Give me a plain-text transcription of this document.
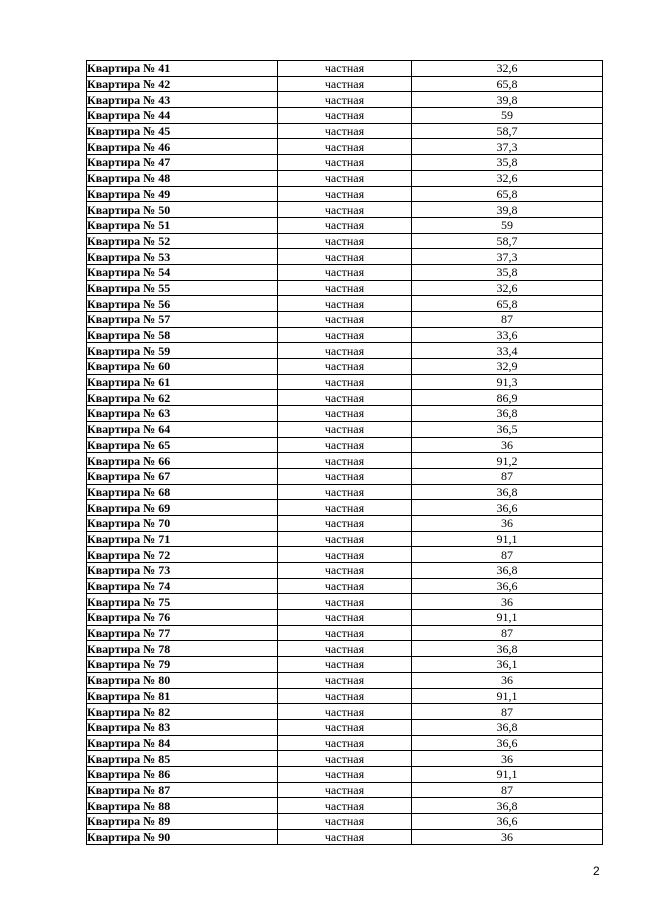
Квартира № 41	частная	32,6
Квартира № 42	частная	65,8
Квартира № 43	частная	39,8
Квартира № 44	частная	59
Квартира № 45	частная	58,7
Квартира № 46	частная	37,3
Квартира № 47	частная	35,8
Квартира № 48	частная	32,6
Квартира № 49	частная	65,8
Квартира № 50	частная	39,8
Квартира № 51	частная	59
Квартира № 52	частная	58,7
Квартира № 53	частная	37,3
Квартира № 54	частная	35,8
Квартира № 55	частная	32,6
Квартира № 56	частная	65,8
Квартира № 57	частная	87
Квартира № 58	частная	33,6
Квартира № 59	частная	33,4
Квартира № 60	частная	32,9
Квартира № 61	частная	91,3
Квартира № 62	частная	86,9
Квартира № 63	частная	36,8
Квартира № 64	частная	36,5
Квартира № 65	частная	36
Квартира № 66	частная	91,2
Квартира № 67	частная	87
Квартира № 68	частная	36,8
Квартира № 69	частная	36,6
Квартира № 70	частная	36
Квартира № 71	частная	91,1
Квартира № 72	частная	87
Квартира № 73	частная	36,8
Квартира № 74	частная	36,6
Квартира № 75	частная	36
Квартира № 76	частная	91,1
Квартира № 77	частная	87
Квартира № 78	частная	36,8
Квартира № 79	частная	36,1
Квартира № 80	частная	36
Квартира № 81	частная	91,1
Квартира № 82	частная	87
Квартира № 83	частная	36,8
Квартира № 84	частная	36,6
Квартира № 85	частная	36
Квартира № 86	частная	91,1
Квартира № 87	частная	87
Квартира № 88	частная	36,8
Квартира № 89	частная	36,6
Квартира № 90	частная	36
2
